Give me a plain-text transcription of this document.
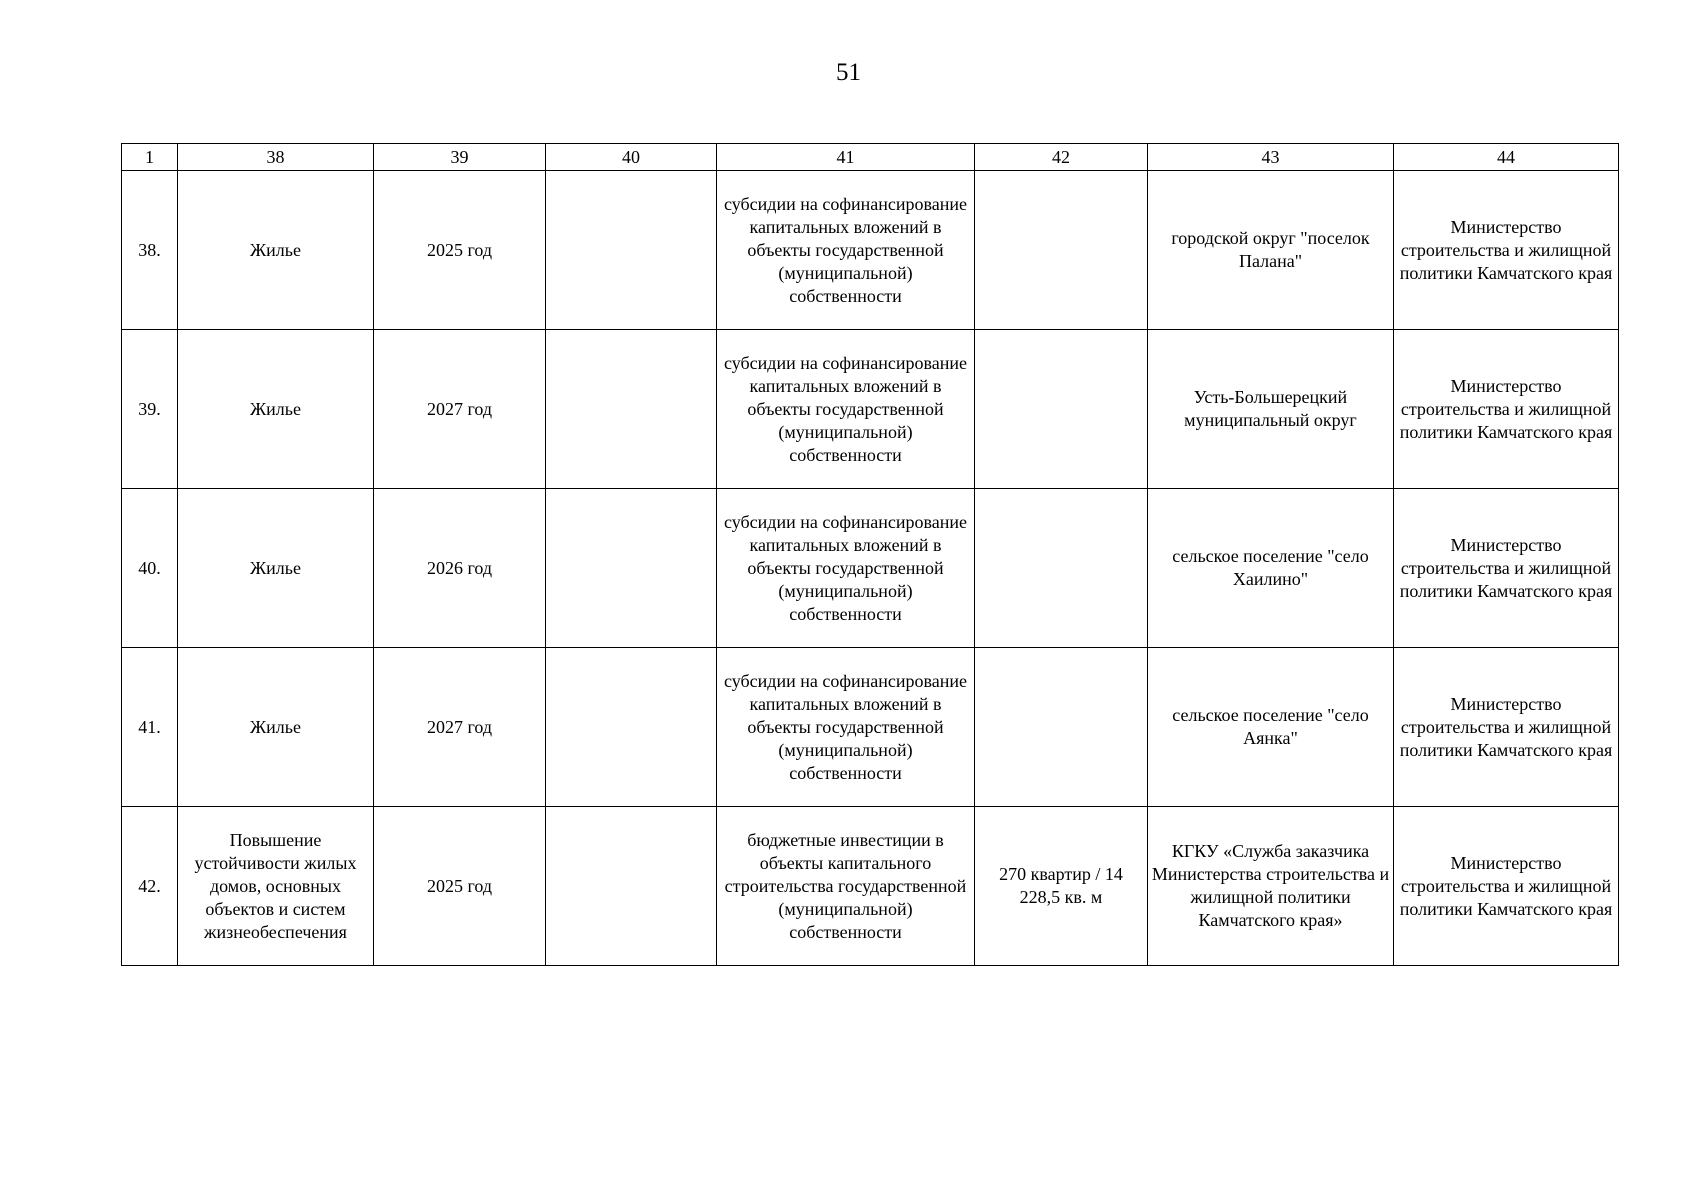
51
1	38	39	40	41	42	43	44
38.	Жилье	2025 год		субсидии на софинансирование капитальных вложений в объекты государственной (муниципальной) собственности		городской округ "поселок Палана"	Министерство строительства и жилищной политики Камчатского края
39.	Жилье	2027 год		субсидии на софинансирование капитальных вложений в объекты государственной (муниципальной) собственности		Усть-Большерецкий муниципальный округ	Министерство строительства и жилищной политики Камчатского края
40.	Жилье	2026 год		субсидии на софинансирование капитальных вложений в объекты государственной (муниципальной) собственности		сельское поселение "село Хаилино"	Министерство строительства и жилищной политики Камчатского края
41.	Жилье	2027 год		субсидии на софинансирование капитальных вложений в объекты государственной (муниципальной) собственности		сельское поселение "село Аянка"	Министерство строительства и жилищной политики Камчатского края
42.	Повышение устойчивости жилых домов, основных объектов и систем жизнеобеспечения	2025 год		бюджетные инвестиции в объекты капитального строительства государственной (муниципальной) собственности	270 квартир / 14 228,5 кв. м	КГКУ «Служба заказчика Министерства строительства и жилищной политики Камчатского края»	Министерство строительства и жилищной политики Камчатского края
